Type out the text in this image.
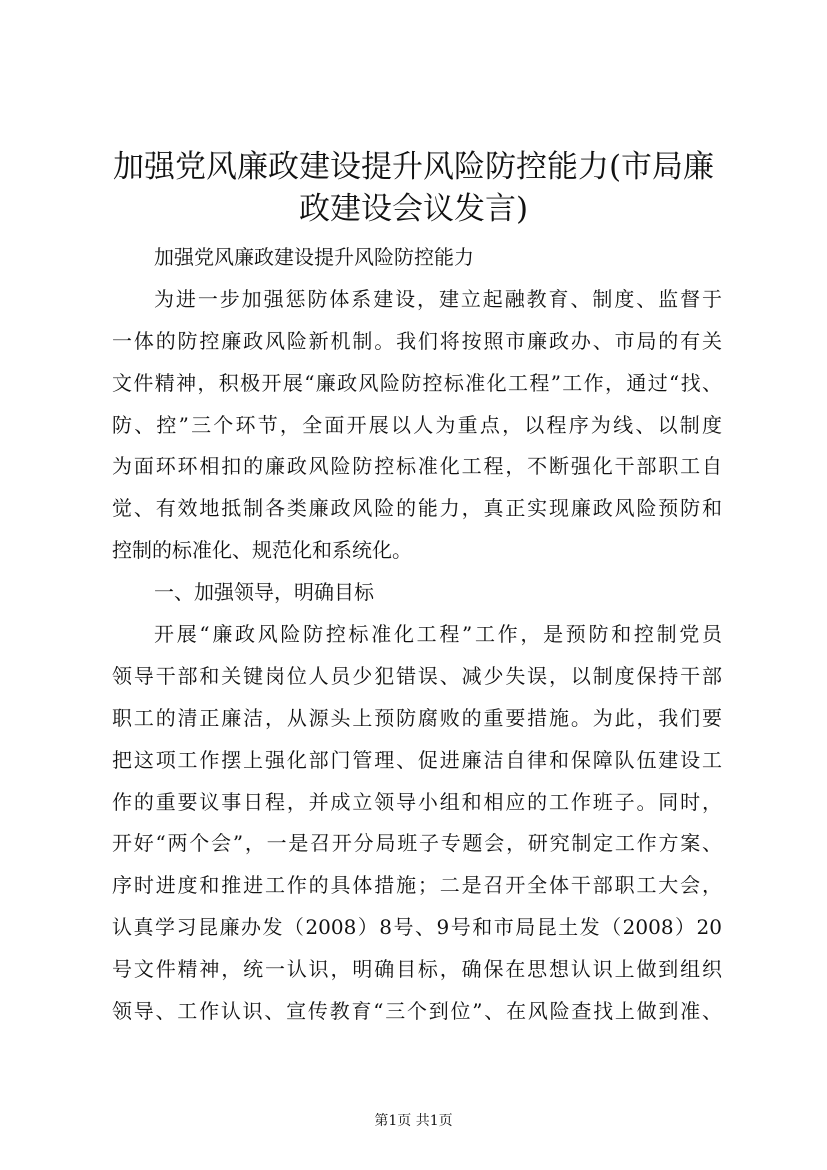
加强党风廉政建设提升风险防控能力(市局廉
政建设会议发言)
加强党风廉政建设提升风险防控能力
为进一步加强惩防体系建设，建立起融教育、制度、监督于
一体的防控廉政风险新机制。我们将按照市廉政办、市局的有关
文件精神，积极开展“廉政风险防控标准化工程”工作，通过“找、
防、控”三个环节，全面开展以人为重点，以程序为线、以制度
为面环环相扣的廉政风险防控标准化工程，不断强化干部职工自
觉、有效地抵制各类廉政风险的能力，真正实现廉政风险预防和
控制的标准化、规范化和系统化。
一、加强领导，明确目标
开展“廉政风险防控标准化工程”工作，是预防和控制党员
领导干部和关键岗位人员少犯错误、减少失误，以制度保持干部
职工的清正廉洁，从源头上预防腐败的重要措施。为此，我们要
把这项工作摆上强化部门管理、促进廉洁自律和保障队伍建设工
作的重要议事日程，并成立领导小组和相应的工作班子。同时，
开好“两个会”，一是召开分局班子专题会，研究制定工作方案、
序时进度和推进工作的具体措施；二是召开全体干部职工大会，
认真学习昆廉办发（2008）8号、9号和市局昆土发（2008）20
号文件精神，统一认识，明确目标，确保在思想认识上做到组织
领导、工作认识、宣传教育“三个到位”、在风险查找上做到准、
第1页 共1页
